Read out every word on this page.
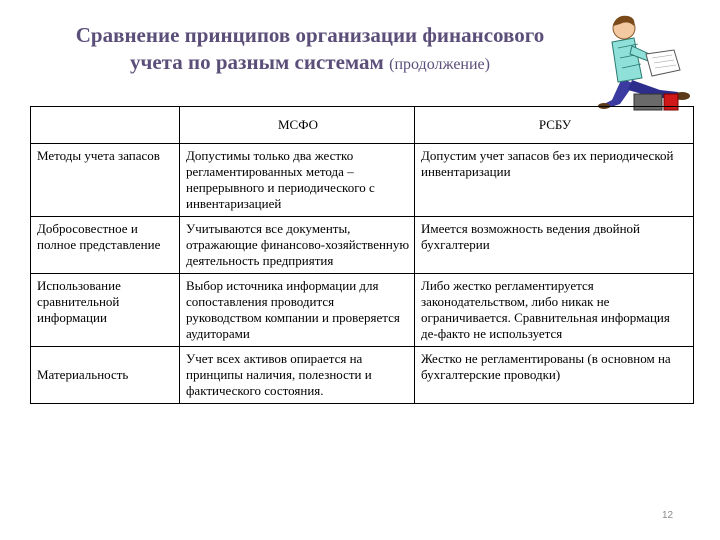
Сравнение принципов организации финансового
учета по разным системам (продолжение)
	МСФО	РСБУ
Методы учета запасов	Допустимы только два жестко регламентированных метода – непрерывного и периодического с инвентаризацией	Допустим учет запасов без их периодической инвентаризации
Добросовестное и полное представление	Учитываются все документы, отражающие финансово-хозяйственную деятельность предприятия	Имеется возможность ведения двойной бухгалтерии
Использование сравнительной информации	Выбор источника информации для сопоставления проводится руководством компании и проверяется аудиторами	Либо жестко регламентируется законодательством, либо никак не ограничивается. Сравнительная информация де-факто не используется
Материальность	Учет всех активов опирается на принципы наличия, полезности и фактического состояния.	Жестко не регламентированы (в основном на бухгалтерские проводки)
12
